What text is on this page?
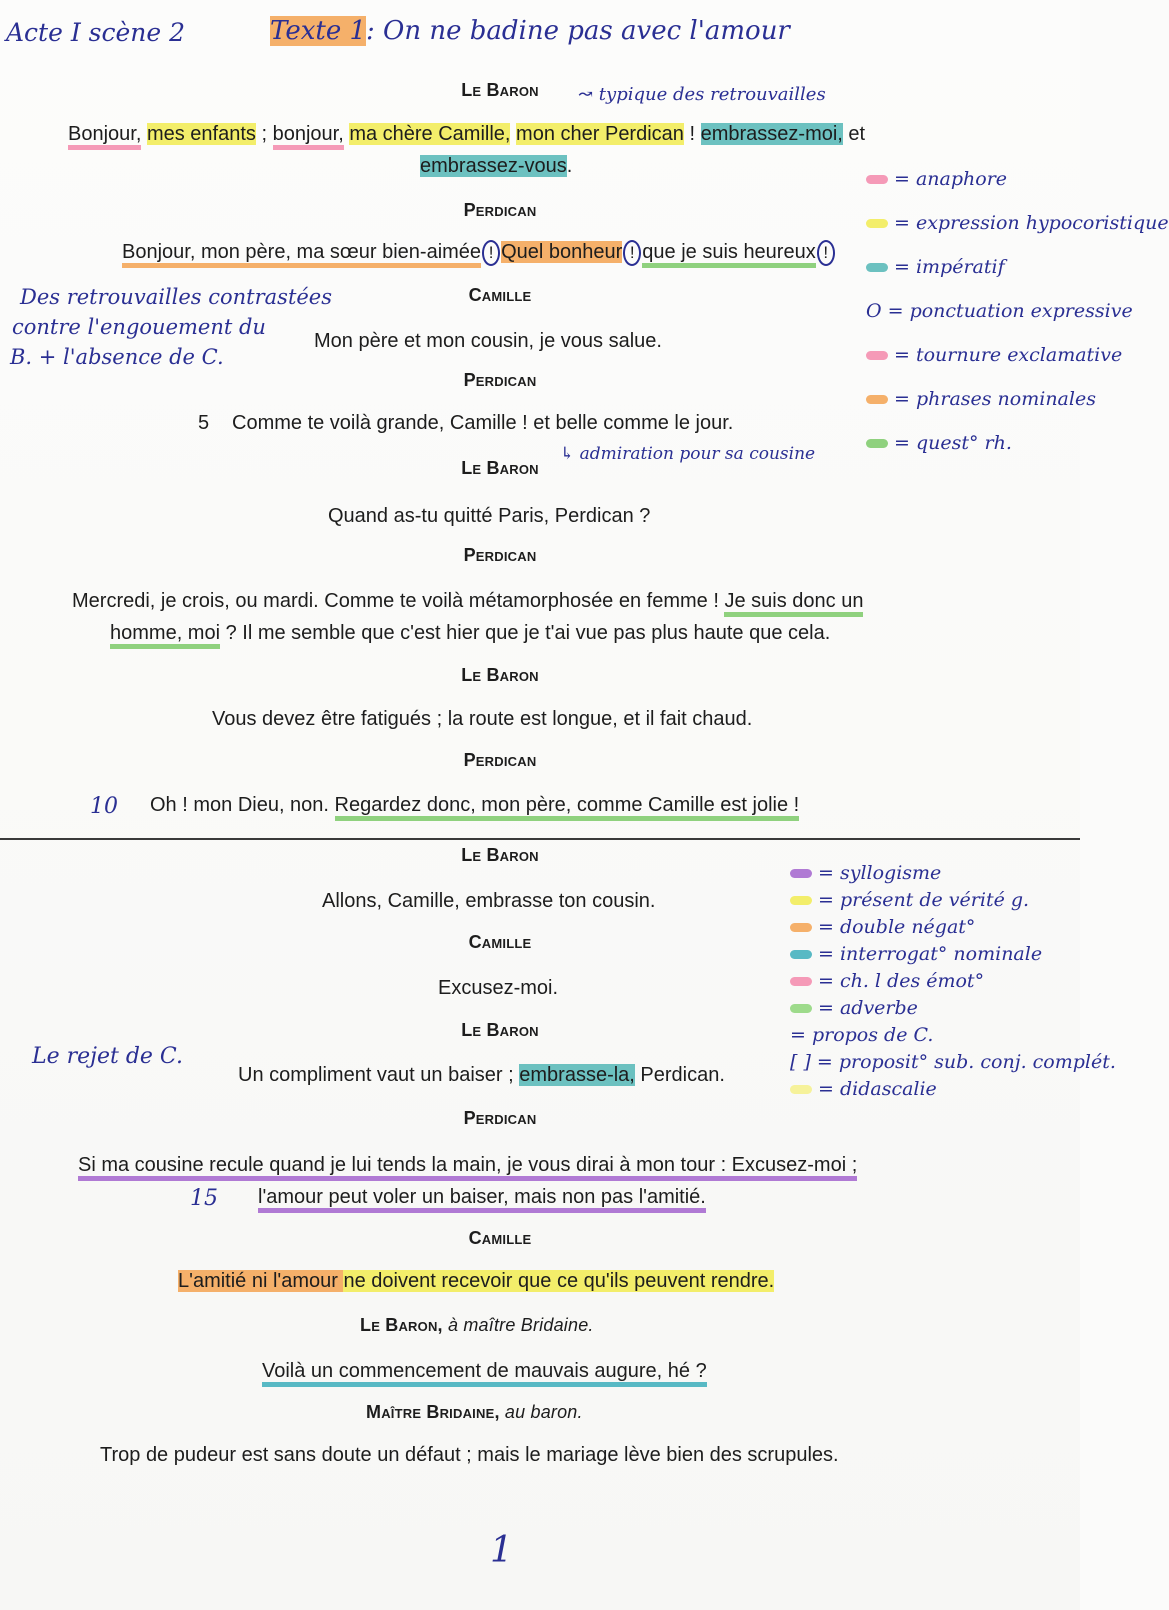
Acte I scène 2	Texte 1: On ne badine pas avec l'amour
Le Baron	↝ typique des retrouvailles
Bonjour, mes enfants ; bonjour, ma chère Camille, mon cher Perdican ! embrassez-moi, et
embrassez-vous.
Perdican
Bonjour, mon père, ma sœur bien-aimée ! Quel bonheur ! que je suis heureux !
Des retrouvailles contrastées
contre l'engouement du
B. + l'absence de C.
Camille
Mon père et mon cousin, je vous salue.
Perdican
5 Comme te voilà grande, Camille ! et belle comme le jour.
↳ admiration pour sa cousine
Le Baron
Quand as-tu quitté Paris, Perdican ?
Perdican
Mercredi, je crois, ou mardi. Comme te voilà métamorphosée en femme ! Je suis donc un
homme, moi ? Il me semble que c'est hier que je t'ai vue pas plus haute que cela.
Le Baron
Vous devez être fatigués ; la route est longue, et il fait chaud.
Perdican
10 Oh ! mon Dieu, non. Regardez donc, mon père, comme Camille est jolie !
Le Baron
Allons, Camille, embrasse ton cousin.
Camille
Excusez-moi.
Le Baron
Le rejet de C.
Un compliment vaut un baiser ; embrasse-la, Perdican.
Perdican
Si ma cousine recule quand je lui tends la main, je vous dirai à mon tour : Excusez-moi ;
15 l'amour peut voler un baiser, mais non pas l'amitié.
Camille
L'amitié ni l'amour ne doivent recevoir que ce qu'ils peuvent rendre.
Le Baron, à maître Bridaine.
Voilà un commencement de mauvais augure, hé ?
Maître Bridaine, au baron.
Trop de pudeur est sans doute un défaut ; mais le mariage lève bien des scrupules.
1
= anaphore
= expression hypocoristique
= impératif
O = ponctuation expressive
= tournure exclamative
= phrases nominales
= quest° rh.
= syllogisme
= présent de vérité g.
= double négat°
= interrogat° nominale
= ch. l des émot°
= adverbe
= propos de C.
[ ] = proposit° sub. conj. complét.
= didascalie
